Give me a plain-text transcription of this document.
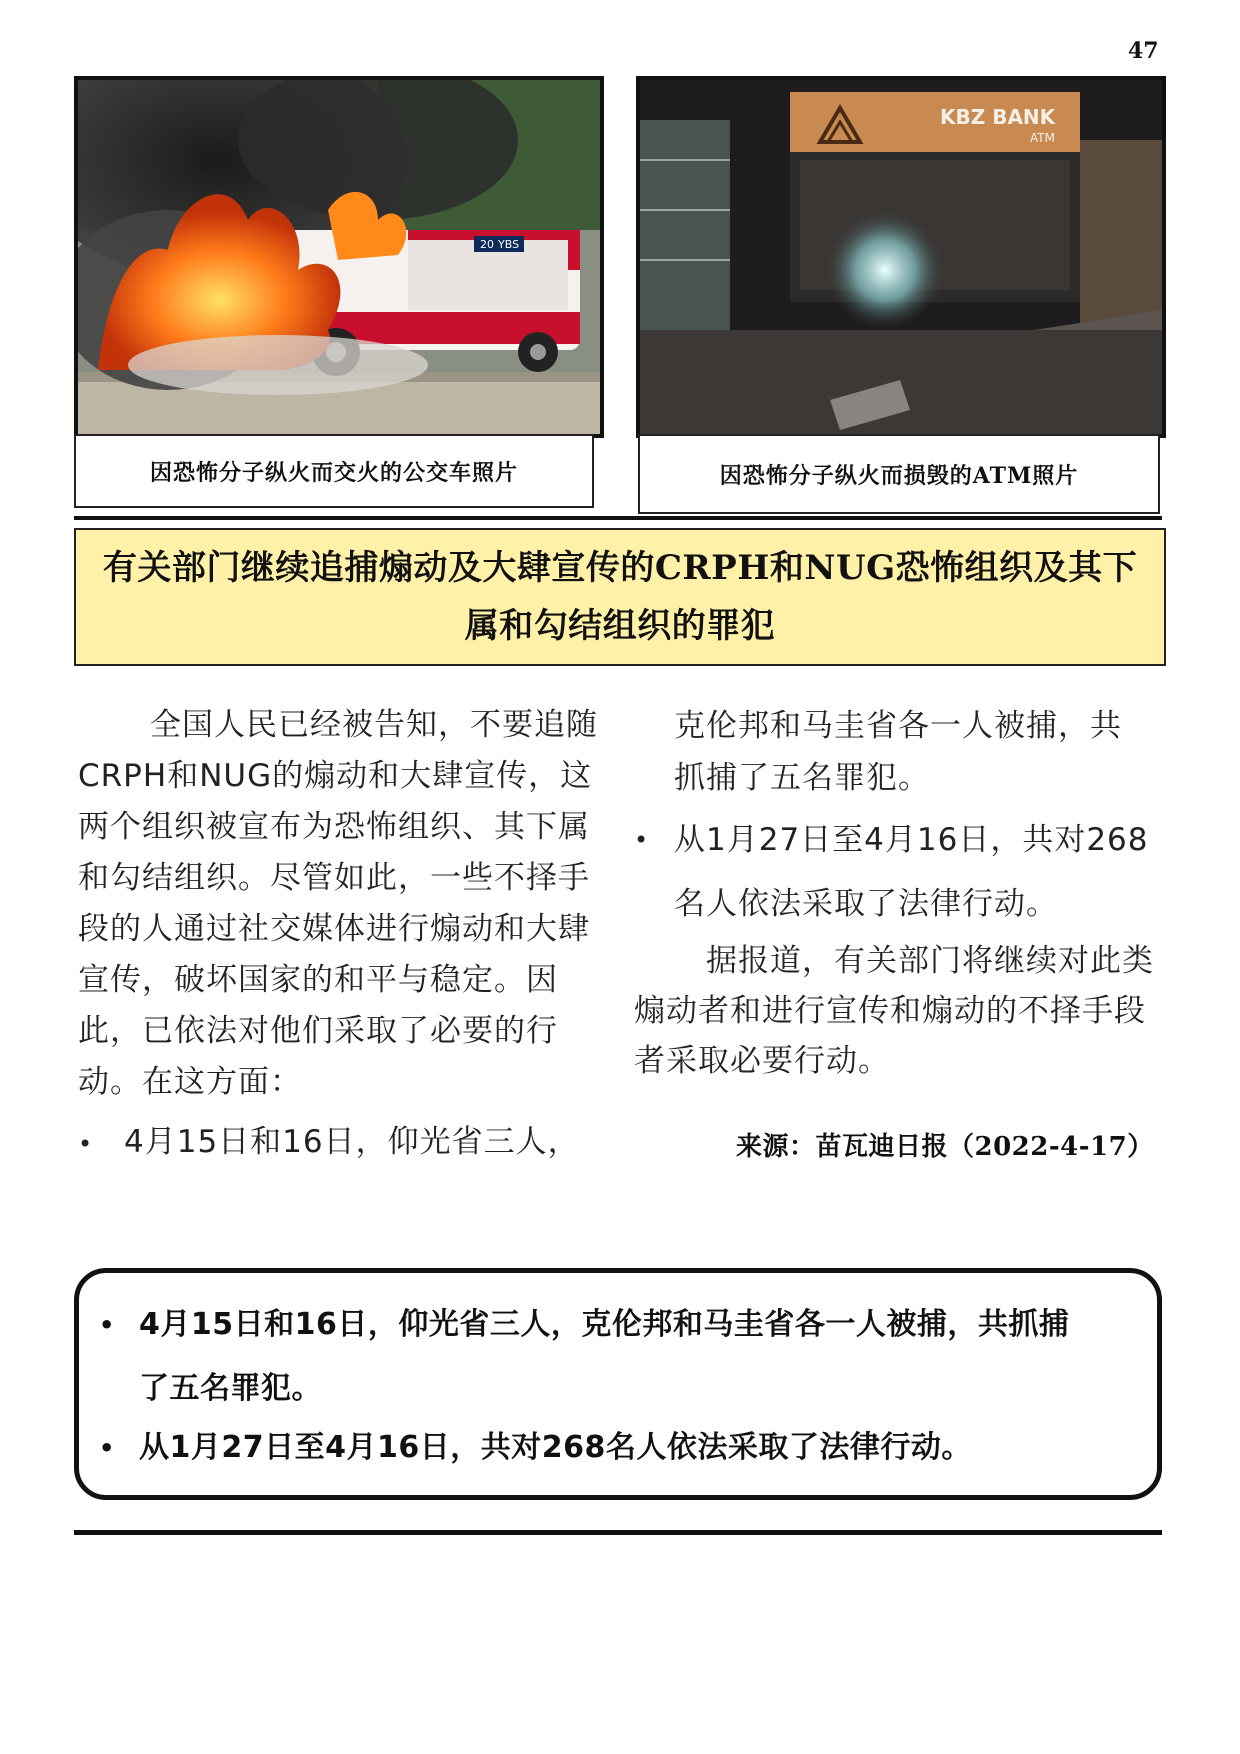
47
20 YBS
因恐怖分子纵火而交火的公交车照片
KBZ BANK
ATM
因恐怖分子纵火而损毁的ATM照片
有关部门继续追捕煽动及大肆宣传的CRPH和NUG恐怖组织及其下属和勾结组织的罪犯

全国人民已经被告知，不要追随CRPH和NUG的煽动和大肆宣传，这两个组织被宣布为恐怖组织、其下属和勾结组织。尽管如此，一些不择手段的人通过社交媒体进行煽动和大肆宣传，破坏国家的和平与稳定。因此，已依法对他们采取了必要的行动。在这方面：

• 4月15日和16日，仰光省三人，

克伦邦和马圭省各一人被捕，共
抓捕了五名罪犯。

• 从1月27日至4月16日，共对268
名人依法采取了法律行动。

据报道，有关部门将继续对此类煽动者和进行宣传和煽动的不择手段者采取必要行动。

来源：苗瓦迪日报（2022-4-17）
• 4月15日和16日，仰光省三人，克伦邦和马圭省各一人被捕，共抓捕
了五名罪犯。
• 从1月27日至4月16日，共对268名人依法采取了法律行动。
